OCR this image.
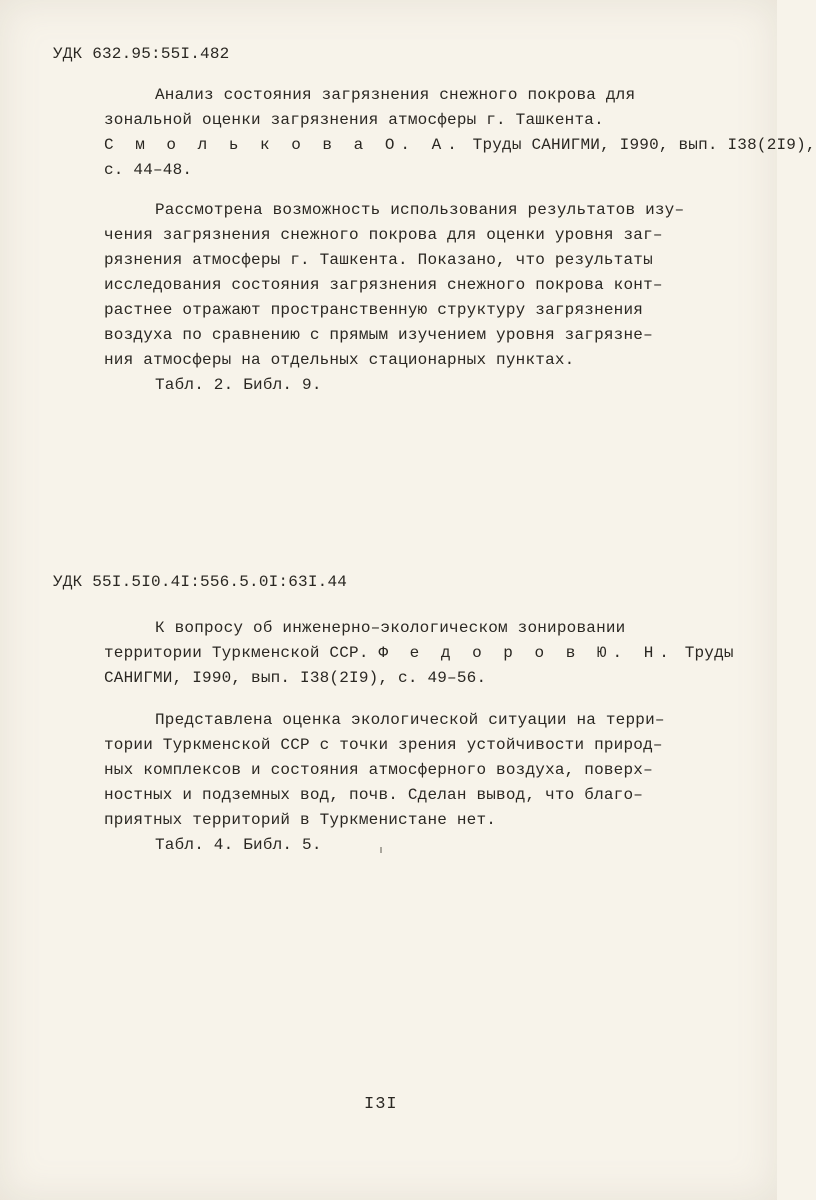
УДК 632.95:55I.482
Анализ состояния загрязнения снежного покрова для
зональной оценки загрязнения атмосферы г. Ташкента.
С м о л ь к о в а О. А. Труды САНИГМИ, I990, вып. I38(2I9),
с. 44–48.
Рассмотрена возможность использования результатов изу–
чения загрязнения снежного покрова для оценки уровня заг–
рязнения атмосферы г. Ташкента. Показано, что результаты
исследования состояния загрязнения снежного покрова конт–
растнее отражают пространственную структуру загрязнения
воздуха по сравнению с прямым изучением уровня загрязне–
ния атмосферы на отдельных стационарных пунктах.
Табл. 2. Библ. 9.
УДК 55I.5I0.4I:556.5.0I:63I.44
К вопросу об инженерно–экологическом зонировании
территории Туркменской ССР. Ф е д о р о в Ю. Н. Труды
САНИГМИ, I990, вып. I38(2I9), с. 49–56.
Представлена оценка экологической ситуации на терри–
тории Туркменской ССР с точки зрения устойчивости природ–
ных комплексов и состояния атмосферного воздуха, поверх–
ностных и подземных вод, почв. Сделан вывод, что благо–
приятных территорий в Туркменистане нет.
Табл. 4. Библ. 5.
I3I
